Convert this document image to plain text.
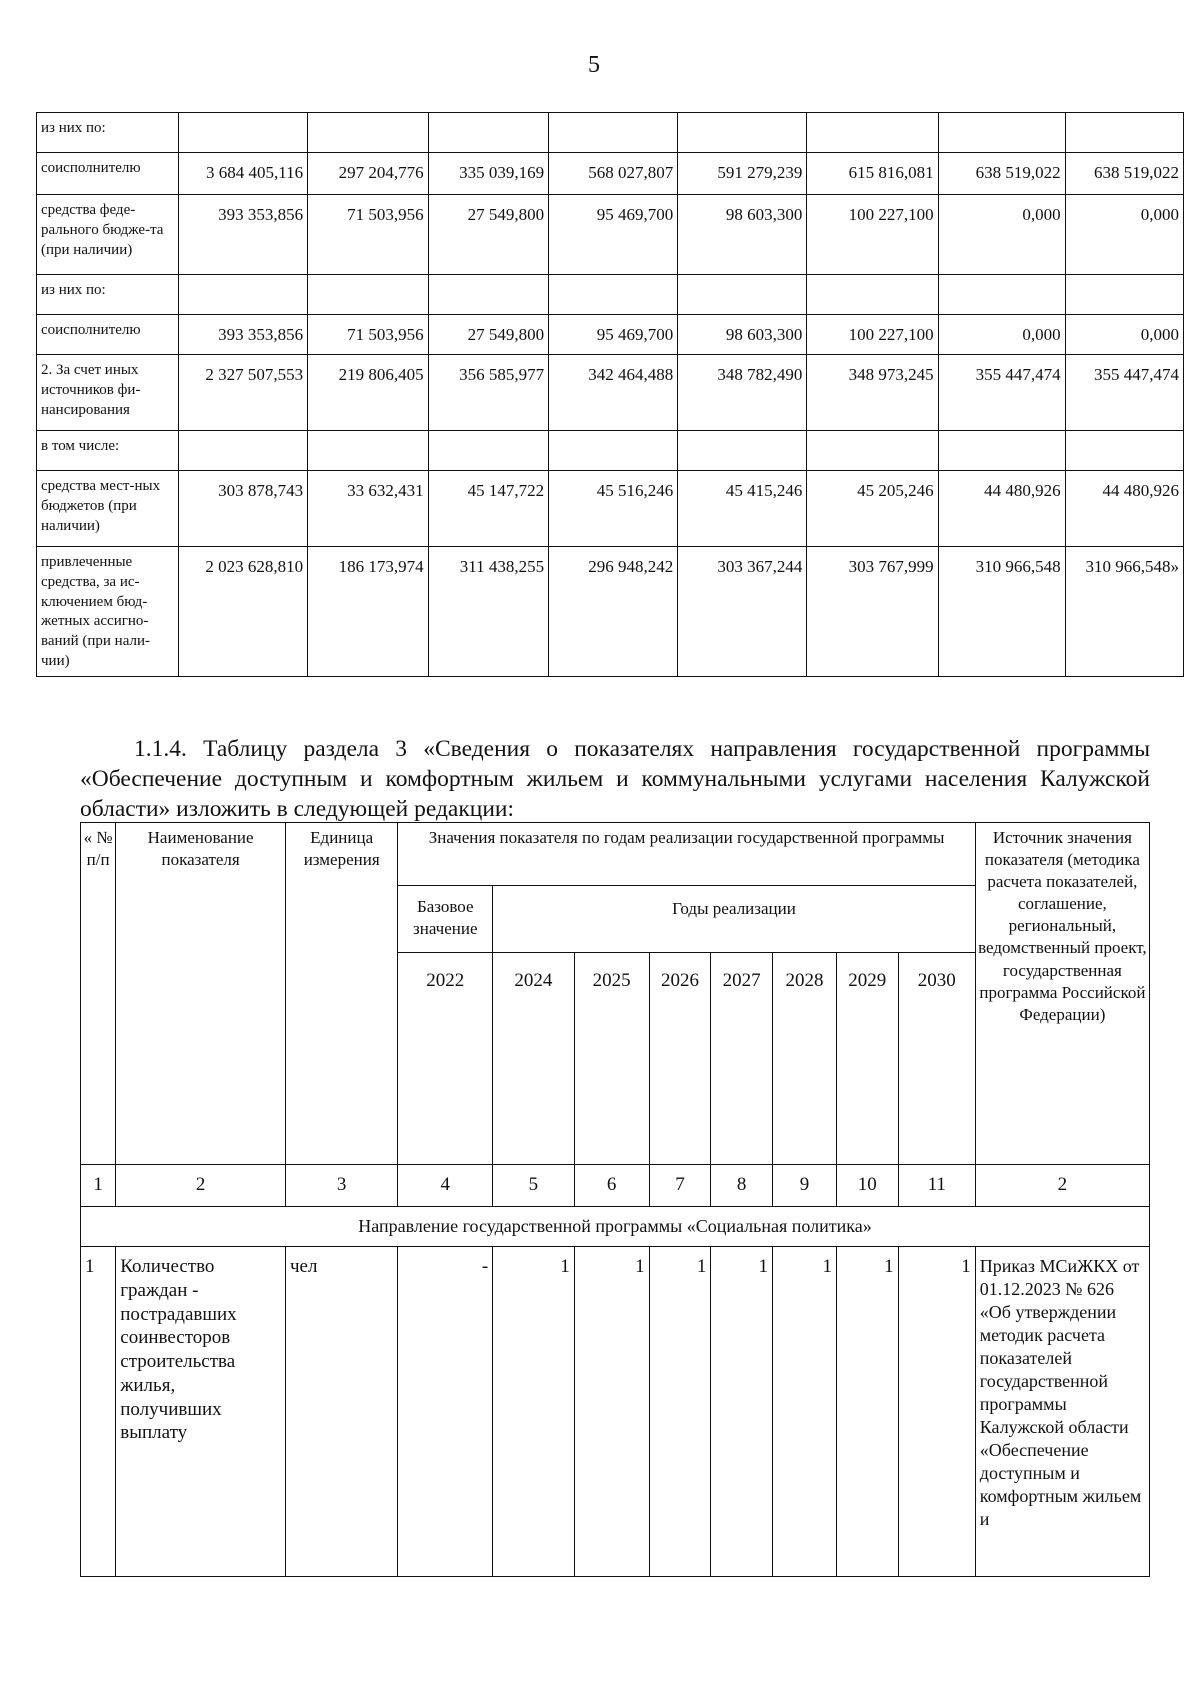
5
из них по:								
соисполнителю	3 684 405,116	297 204,776	335 039,169	568 027,807	591 279,239	615 816,081	638 519,022	638 519,022
средства феде-ральногo бюдже-та (при наличии)	393 353,856	71 503,956	27 549,800	95 469,700	98 603,300	100 227,100	0,000	0,000
из них по:								
соисполнителю	393 353,856	71 503,956	27 549,800	95 469,700	98 603,300	100 227,100	0,000	0,000
2. За счет иных источников фи-нансирования	2 327 507,553	219 806,405	356 585,977	342 464,488	348 782,490	348 973,245	355 447,474	355 447,474
в том числе:								
средства мест-ных бюджетов (при наличии)	303 878,743	33 632,431	45 147,722	45 516,246	45 415,246	45 205,246	44 480,926	44 480,926
привлеченные средства, за ис-ключением бюд-жетных ассигно-ваний (при нали-чии)	2 023 628,810	186 173,974	311 438,255	296 948,242	303 367,244	303 767,999	310 966,548	310 966,548»
1.1.4. Таблицу раздела 3 «Сведения о показателях направления государственной программы «Обеспечение доступным и комфортным жильем и коммунальными услугами населения Калужской области» изложить в следующей редакции:
« № п/п	Наименование показателя	Единица измерения	Значения показателя по годам реализации государственной программы								Источник значения показателя (методика расчета показателей, соглашение, региональный, ведомственный проект, государственная программа Российской Федерации)
			Базовое значение	Годы реализации							
			2022	2024	2025	2026	2027	2028	2029	2030	
1	2	3	4	5	6	7	8	9	10	11	2
Направление государственной программы «Социальная политика»											
1	Количество граждан - пострадавших соинвесторов строительства жилья, получивших выплату	чел	-	1	1	1	1	1	1	1	Приказ МСиЖКХ от 01.12.2023 № 626 «Об утверждении методик расчета показателей государственной программы Калужской области «Обеспечение доступным и комфортным жильем и
